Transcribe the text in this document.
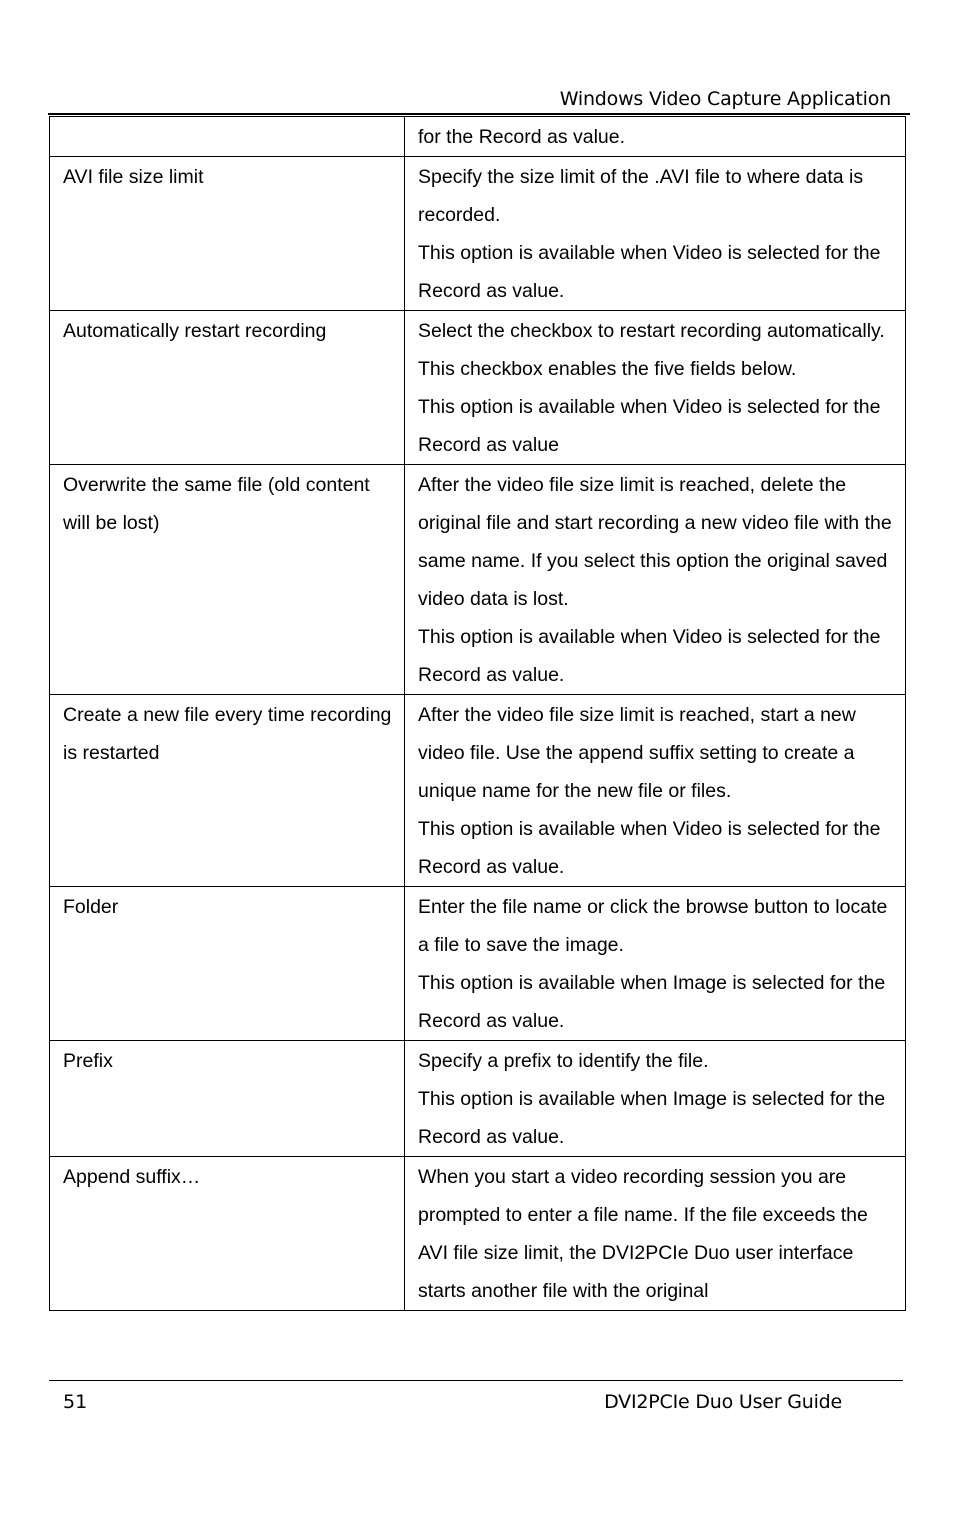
Windows Video Capture Application

	for the Record as value.

AVI file size limit	Specify the size limit of the .AVI file to where data is recorded.
This option is available when Video is selected for the Record as value.

Automatically restart recording	Select the checkbox to restart recording automatically. This checkbox enables the five fields below.
This option is available when Video is selected for the Record as value

Overwrite the same file (old content will be lost)	After the video file size limit is reached, delete the original file and start recording a new video file with the same name. If you select this option the original saved video data is lost.
This option is available when Video is selected for the Record as value.

Create a new file every time recording is restarted	After the video file size limit is reached, start a new video file. Use the append suffix setting to create a unique name for the new file or files.
This option is available when Video is selected for the Record as value.

Folder	Enter the file name or click the browse button to locate a file to save the image.
This option is available when Image is selected for the Record as value.

Prefix	Specify a prefix to identify the file.
This option is available when Image is selected for the Record as value.

Append suffix…	When you start a video recording session you are prompted to enter a file name. If the file exceeds the AVI file size limit, the DVI2PCIe Duo user interface starts another file with the original
51	DVI2PCIe Duo User Guide
